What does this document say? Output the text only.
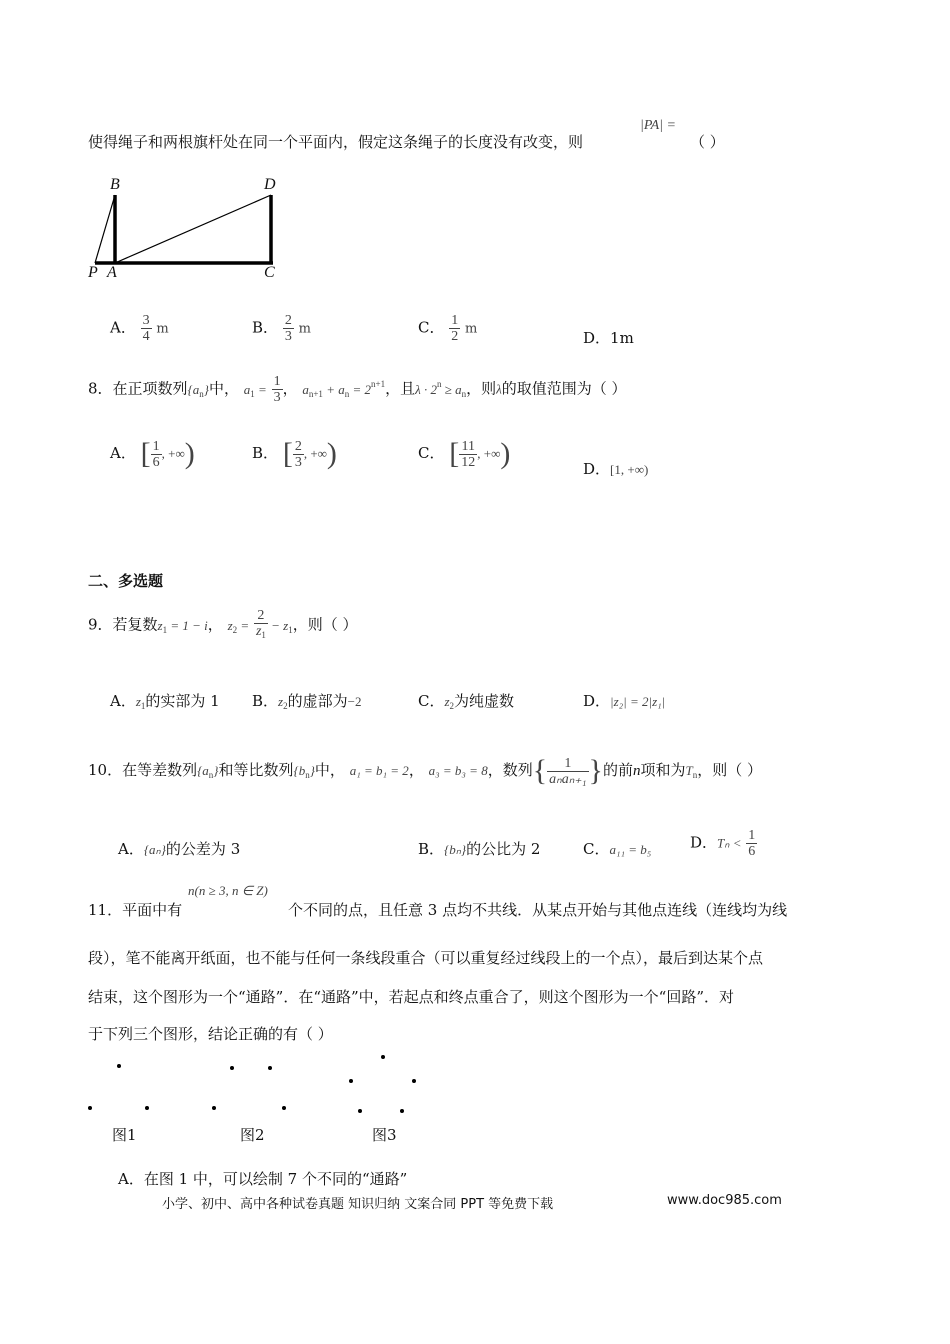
使得绳子和两根旗杆处在同一个平面内，假定这条绳子的长度没有改变，则
|PA| =
（ ）
B	D
P A	C
A． $\frac{3}{4}$ m	B． $\frac{2}{3}$ m	C． $\frac{1}{2}$ m	D．1m
8．在正项数列$\{a_n\}$中， $a_1 = \frac{1}{3}$ ， $a_{n+1} + a_n = 2^{n+1}$，且$\lambda \cdot 2^n \ge a_n$，则λ的取值范围为（ ）
A． [ $\frac{1}{6}$ , +∞)	B． [ $\frac{2}{3}$ , +∞)	C． [ $\frac{11}{12}$ , +∞)	D．[1, +∞)
二、多选题
9．若复数$z_1 = 1 - i$， $z_2 = \frac{2}{z_1} - z_1$，则（ ）
A．$z_1$的实部为 1 B．$z_2$的虚部为−2	C．$z_2$为纯虚数	D．|z₂| = 2|z₁|
10．在等差数列$\{a_n\}$和等比数列$\{b_n\}$中， a₁ = b₁ = 2， a₃ = b₃ = 8，数列{ $\frac{1}{\text{aₙaₙ₊₁}}$ }的前n项和为$T_n$，则（ ）
A．{aₙ}的公差为 3	B．{bₙ}的公比为 2	C．a₁₁ = b₅	D．$T_n < \frac{1}{6}$
11．平面中有
n(n ≥ 3, n ∈ Z)
个不同的点，且任意 3 点均不共线．从某点开始与其他点连线（连线均为线
段），笔不能离开纸面，也不能与任何一条线段重合（可以重复经过线段上的一个点），最后到达某个点
结束，这个图形为一个“通路”．在“通路”中，若起点和终点重合了，则这个图形为一个“回路”．对
于下列三个图形，结论正确的有（ ）
图1	图2	图3
A．在图 1 中，可以绘制 7 个不同的“通路”
小学、初中、高中各种试卷真题 知识归纳 文案合同 PPT 等免费下载	www.doc985.com
